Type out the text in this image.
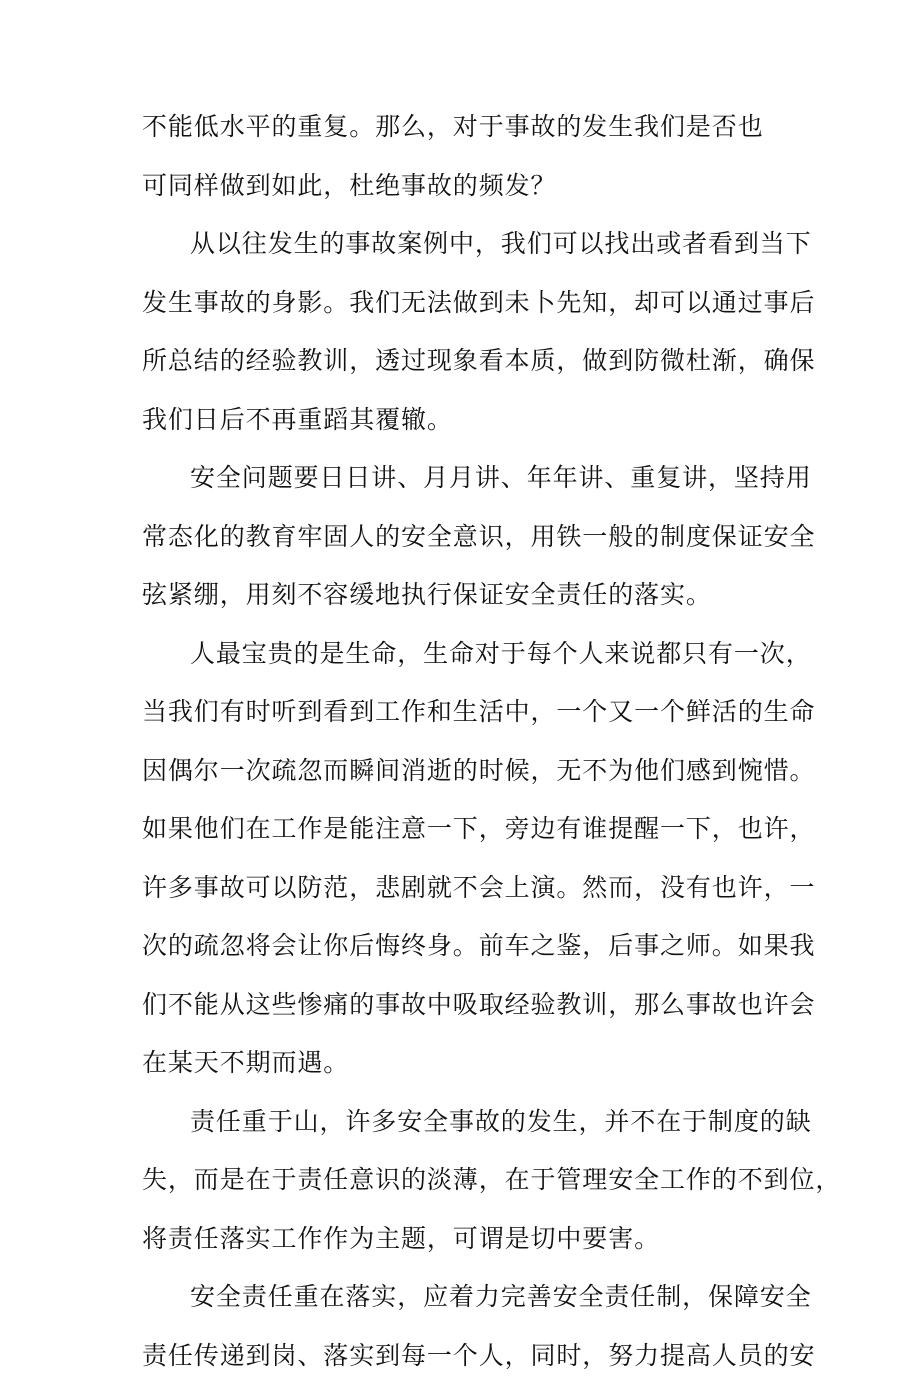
不能低水平的重复。那么，对于事故的发生我们是否也
可同样做到如此，杜绝事故的频发？
从以往发生的事故案例中，我们可以找出或者看到当下
发生事故的身影。我们无法做到未卜先知，却可以通过事后
所总结的经验教训，透过现象看本质，做到防微杜渐，确保
我们日后不再重蹈其覆辙。
安全问题要日日讲、月月讲、年年讲、重复讲，坚持用
常态化的教育牢固人的安全意识，用铁一般的制度保证安全
弦紧绷，用刻不容缓地执行保证安全责任的落实。
人最宝贵的是生命，生命对于每个人来说都只有一次，
当我们有时听到看到工作和生活中，一个又一个鲜活的生命
因偶尔一次疏忽而瞬间消逝的时候，无不为他们感到惋惜。
如果他们在工作是能注意一下，旁边有谁提醒一下，也许，
许多事故可以防范，悲剧就不会上演。然而，没有也许，一
次的疏忽将会让你后悔终身。前车之鉴，后事之师。如果我
们不能从这些惨痛的事故中吸取经验教训，那么事故也许会
在某天不期而遇。
责任重于山，许多安全事故的发生，并不在于制度的缺
失，而是在于责任意识的淡薄，在于管理安全工作的不到位，
将责任落实工作作为主题，可谓是切中要害。
安全责任重在落实，应着力完善安全责任制，保障安全
责任传递到岗、落实到每一个人，同时，努力提高人员的安
